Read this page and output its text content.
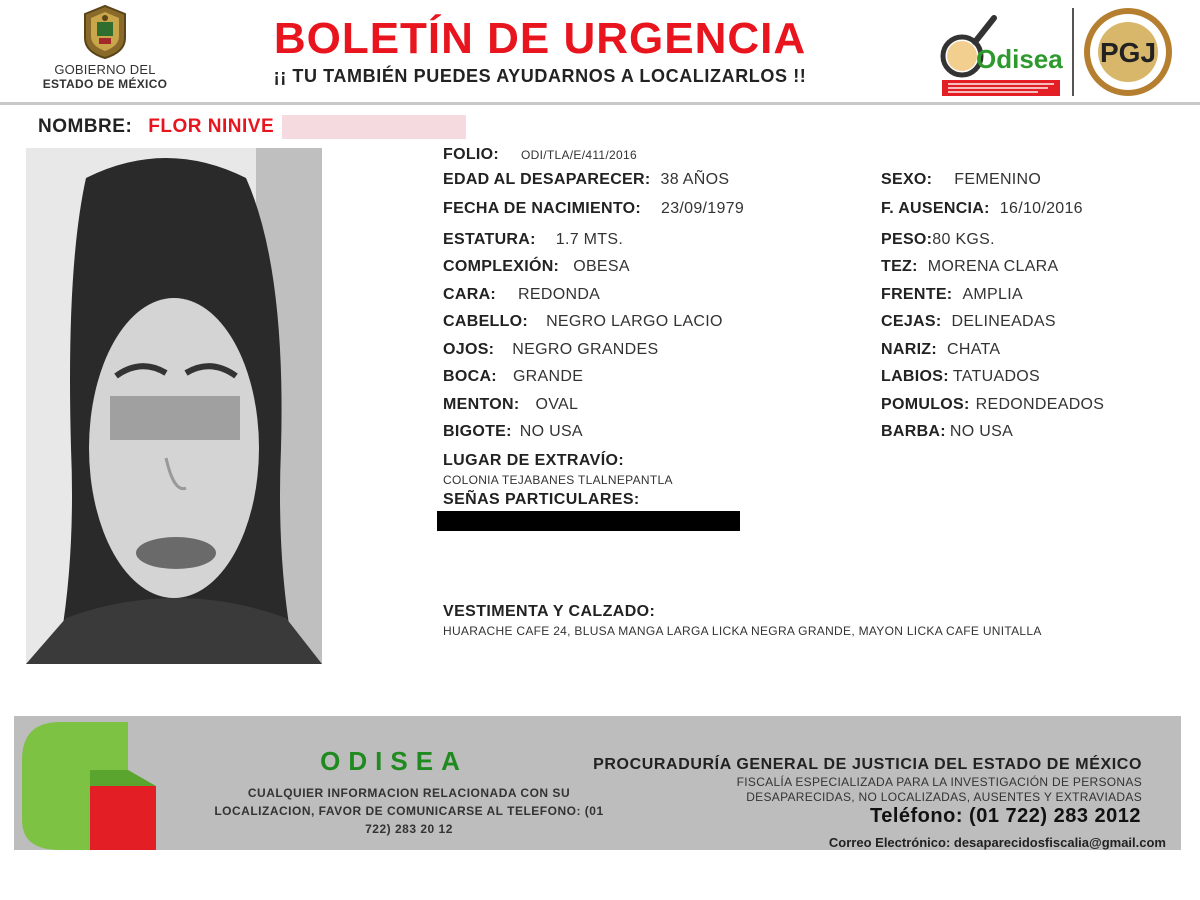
GOBIERNO DEL
ESTADO DE MÉXICO
BOLETÍN DE URGENCIA
¡¡ TU TAMBIÉN PUEDES AYUDARNOS A LOCALIZARLOS !!
Odisea PGJ
NOMBRE: FLOR NINIVE
FOLIO: ODI/TLA/E/411/2016
EDAD AL DESAPARECER: 38 AÑOS	SEXO: FEMENINO
FECHA DE NACIMIENTO: 23/09/1979	F. AUSENCIA: 16/10/2016
ESTATURA: 1.7 MTS.	PESO:80 KGS.
COMPLEXIÓN: OBESA	TEZ: MORENA CLARA
CARA: REDONDA	FRENTE: AMPLIA
CABELLO: NEGRO LARGO LACIO	CEJAS: DELINEADAS
OJOS: NEGRO GRANDES	NARIZ: CHATA
BOCA: GRANDE	LABIOS: TATUADOS
MENTON: OVAL	POMULOS: REDONDEADOS
BIGOTE: NO USA	BARBA: NO USA
LUGAR DE EXTRAVÍO:
COLONIA TEJABANES TLALNEPANTLA
SEÑAS PARTICULARES:
VESTIMENTA Y CALZADO:
HUARACHE CAFE 24, BLUSA MANGA LARGA LICKA NEGRA GRANDE, MAYON LICKA CAFE UNITALLA
ODISEA
CUALQUIER INFORMACION RELACIONADA CON SU
LOCALIZACION, FAVOR DE COMUNICARSE AL TELEFONO: (01
722) 283 20 12
PROCURADURÍA GENERAL DE JUSTICIA DEL ESTADO DE MÉXICO
FISCALÍA ESPECIALIZADA PARA LA INVESTIGACIÓN DE PERSONAS
DESAPARECIDAS, NO LOCALIZADAS, AUSENTES Y EXTRAVIADAS
Teléfono: (01 722) 283 2012
Correo Electrónico: desaparecidosfiscalia@gmail.com
